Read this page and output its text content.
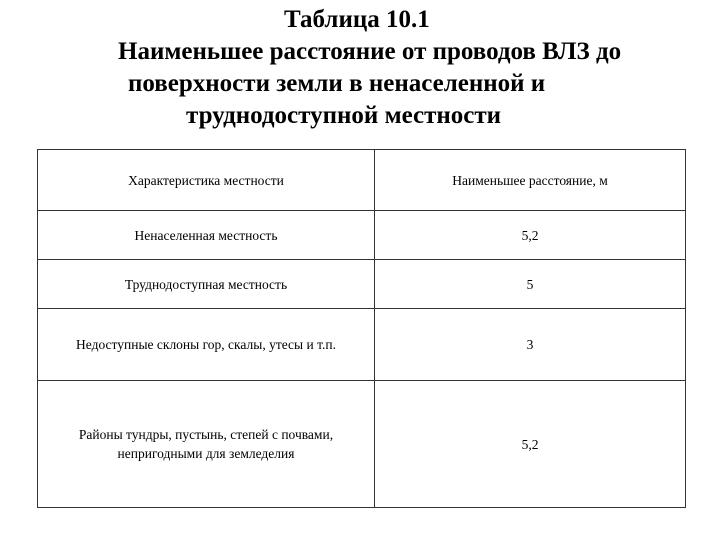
Таблица 10.1
Наименьшее расстояние от проводов ВЛЗ до
поверхности земли в ненаселенной и
труднодоступной местности
Характеристика местности	Наименьшее расстояние, м
Ненаселенная местность	5,2
Труднодоступная местность	5
Недоступные склоны гор, скалы, утесы и т.п.	3
Районы тундры, пустынь, степей с почвами, непригодными для земледелия	5,2
